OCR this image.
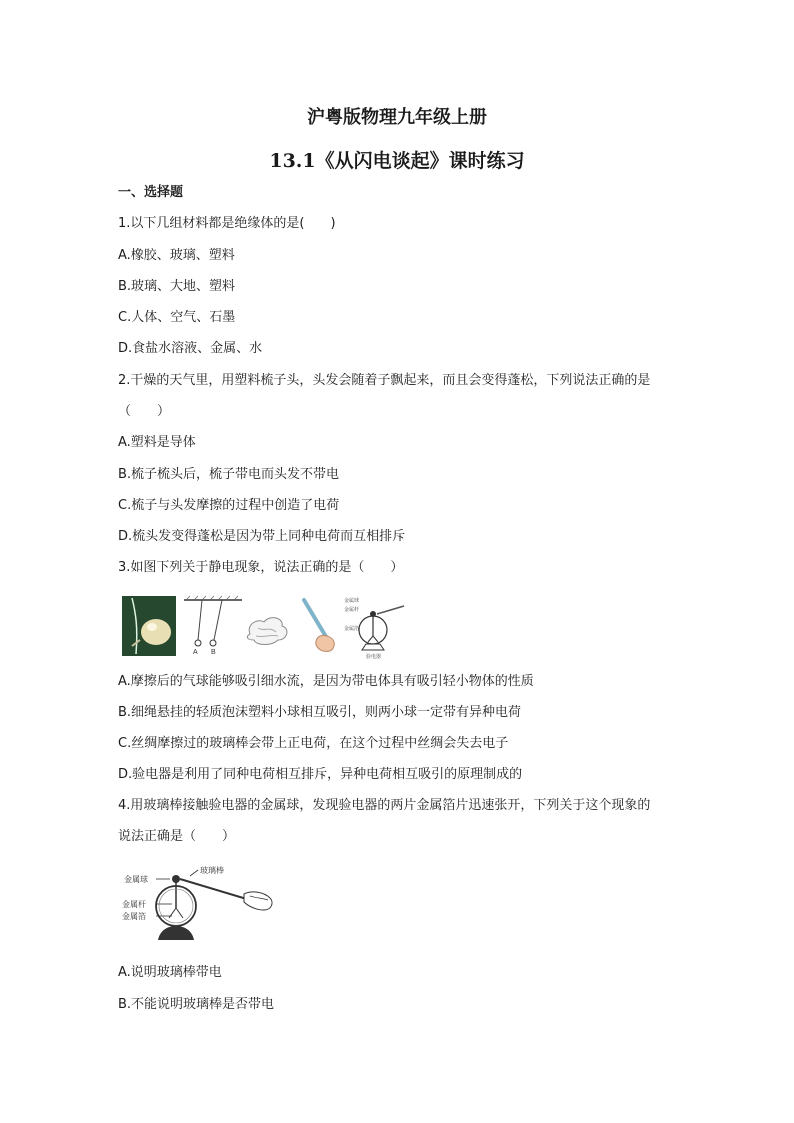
沪粤版物理九年级上册
13.1《从闪电谈起》课时练习
一、选择题
1.以下几组材料都是绝缘体的是(　　)
A.橡胶、玻璃、塑料
B.玻璃、大地、塑料
C.人体、空气、石墨
D.食盐水溶液、金属、水
2.干燥的天气里，用塑料梳子头，头发会随着子飘起来，而且会变得蓬松，下列说法正确的是
（　　）
A.塑料是导体
B.梳子梳头后，梳子带电而头发不带电
C.梳子与头发摩擦的过程中创造了电荷
D.梳头发变得蓬松是因为带上同种电荷而互相排斥
3.如图下列关于静电现象，说法正确的是（　　）
A B
金属球
金属杆
金属箔
验电器
A.摩擦后的气球能够吸引细水流，是因为带电体具有吸引轻小物体的性质
B.细绳悬挂的轻质泡沫塑料小球相互吸引，则两小球一定带有异种电荷
C.丝绸摩擦过的玻璃棒会带上正电荷，在这个过程中丝绸会失去电子
D.验电器是利用了同种电荷相互排斥，异种电荷相互吸引的原理制成的
4.用玻璃棒接触验电器的金属球，发现验电器的两片金属箔片迅速张开，下列关于这个现象的
说法正确是（　　）
金属球
玻璃棒
金属杆
金属箔
A.说明玻璃棒带电
B.不能说明玻璃棒是否带电
